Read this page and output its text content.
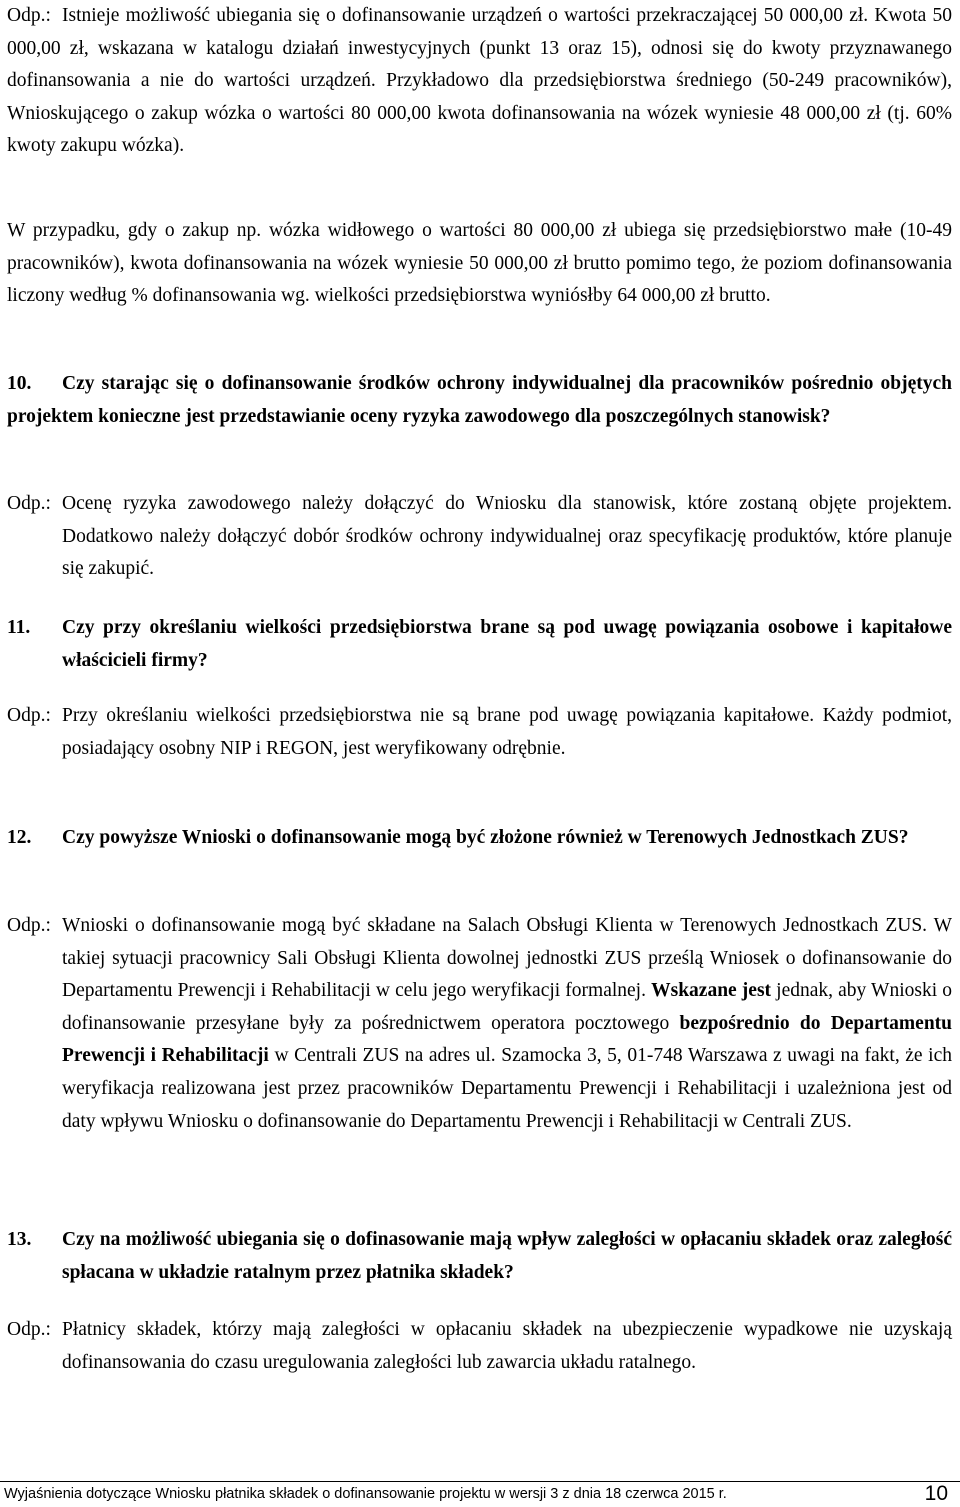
Odp.: Istnieje możliwość ubiegania się o dofinansowanie urządzeń o wartości przekraczającej 50 000,00 zł. Kwota 50 000,00 zł, wskazana w katalogu działań inwestycyjnych (punkt 13 oraz 15), odnosi się do kwoty przyznawanego dofinansowania a nie do wartości urządzeń. Przykładowo dla przedsiębiorstwa średniego (50-249 pracowników), Wnioskującego o zakup wózka o wartości 80 000,00 kwota dofinansowania na wózek wyniesie 48 000,00 zł (tj. 60% kwoty zakupu wózka).
W przypadku, gdy o zakup np. wózka widłowego o wartości 80 000,00 zł ubiega się przedsiębiorstwo małe (10-49 pracowników), kwota dofinansowania na wózek wyniesie 50 000,00 zł brutto pomimo tego, że poziom dofinansowania liczony według % dofinansowania wg. wielkości przedsiębiorstwa wyniósłby 64 000,00 zł brutto.
10.	Czy starając się o dofinansowanie środków ochrony indywidualnej dla pracowników pośrednio objętych projektem konieczne jest przedstawianie oceny ryzyka zawodowego dla poszczególnych stanowisk?
Odp.: Ocenę ryzyka zawodowego należy dołączyć do Wniosku dla stanowisk, które zostaną objęte projektem. Dodatkowo należy dołączyć dobór środków ochrony indywidualnej oraz specyfikację produktów, które planuje się zakupić.
11. Czy przy określaniu wielkości przedsiębiorstwa brane są pod uwagę powiązania osobowe i kapitałowe właścicieli firmy?
Odp.: Przy określaniu wielkości przedsiębiorstwa nie są brane pod uwagę powiązania kapitałowe. Każdy podmiot, posiadający osobny NIP i REGON, jest weryfikowany odrębnie.
12. Czy powyższe Wnioski o dofinansowanie mogą być złożone również w Terenowych Jednostkach ZUS?
Odp.: Wnioski o dofinansowanie mogą być składane na Salach Obsługi Klienta w Terenowych Jednostkach ZUS. W takiej sytuacji pracownicy Sali Obsługi Klienta dowolnej jednostki ZUS prześlą Wniosek o dofinansowanie do Departamentu Prewencji i Rehabilitacji w celu jego weryfikacji formalnej. Wskazane jest jednak, aby Wnioski o dofinansowanie przesyłane były za pośrednictwem operatora pocztowego bezpośrednio do Departamentu Prewencji i Rehabilitacji w Centrali ZUS na adres ul. Szamocka 3, 5, 01-748 Warszawa z uwagi na fakt, że ich weryfikacja realizowana jest przez pracowników Departamentu Prewencji i Rehabilitacji i uzależniona jest od daty wpływu Wniosku o dofinansowanie do Departamentu Prewencji i Rehabilitacji w Centrali ZUS.
13. Czy na możliwość ubiegania się o dofinasowanie mają wpływ zaległości w opłacaniu składek oraz zaległość spłacana w układzie ratalnym przez płatnika składek?
Odp.: Płatnicy składek, którzy mają zaległości w opłacaniu składek na ubezpieczenie wypadkowe nie uzyskają dofinansowania do czasu uregulowania zaległości lub zawarcia układu ratalnego.
Wyjaśnienia dotyczące Wniosku płatnika składek o dofinansowanie projektu w wersji 3 z dnia 18 czerwca 2015 r.	10
